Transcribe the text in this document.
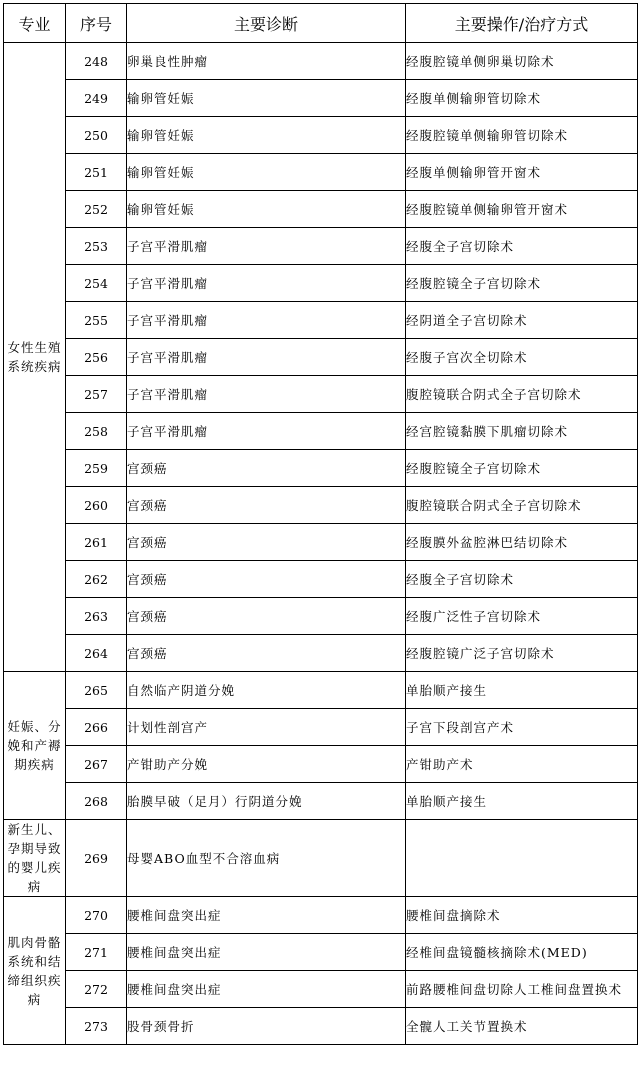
专业	序号	主要诊断	主要操作/治疗方式
女性生殖系统疾病	248	卵巢良性肿瘤	经腹腔镜单侧卵巢切除术
	249	输卵管妊娠	经腹单侧输卵管切除术
	250	输卵管妊娠	经腹腔镜单侧输卵管切除术
	251	输卵管妊娠	经腹单侧输卵管开窗术
	252	输卵管妊娠	经腹腔镜单侧输卵管开窗术
	253	子宫平滑肌瘤	经腹全子宫切除术
	254	子宫平滑肌瘤	经腹腔镜全子宫切除术
	255	子宫平滑肌瘤	经阴道全子宫切除术
	256	子宫平滑肌瘤	经腹子宫次全切除术
	257	子宫平滑肌瘤	腹腔镜联合阴式全子宫切除术
	258	子宫平滑肌瘤	经宫腔镜黏膜下肌瘤切除术
	259	宫颈癌	经腹腔镜全子宫切除术
	260	宫颈癌	腹腔镜联合阴式全子宫切除术
	261	宫颈癌	经腹膜外盆腔淋巴结切除术
	262	宫颈癌	经腹全子宫切除术
	263	宫颈癌	经腹广泛性子宫切除术
	264	宫颈癌	经腹腔镜广泛子宫切除术
妊娠、分娩和产褥期疾病	265	自然临产阴道分娩	单胎顺产接生
	266	计划性剖宫产	子宫下段剖宫产术
	267	产钳助产分娩	产钳助产术
	268	胎膜早破（足月）行阴道分娩	单胎顺产接生
新生儿、孕期导致的婴儿疾病	269	母婴ABO血型不合溶血病	
肌肉骨骼系统和结缔组织疾病	270	腰椎间盘突出症	腰椎间盘摘除术
	271	腰椎间盘突出症	经椎间盘镜髓核摘除术(MED)
	272	腰椎间盘突出症	前路腰椎间盘切除人工椎间盘置换术
	273	股骨颈骨折	全髋人工关节置换术
